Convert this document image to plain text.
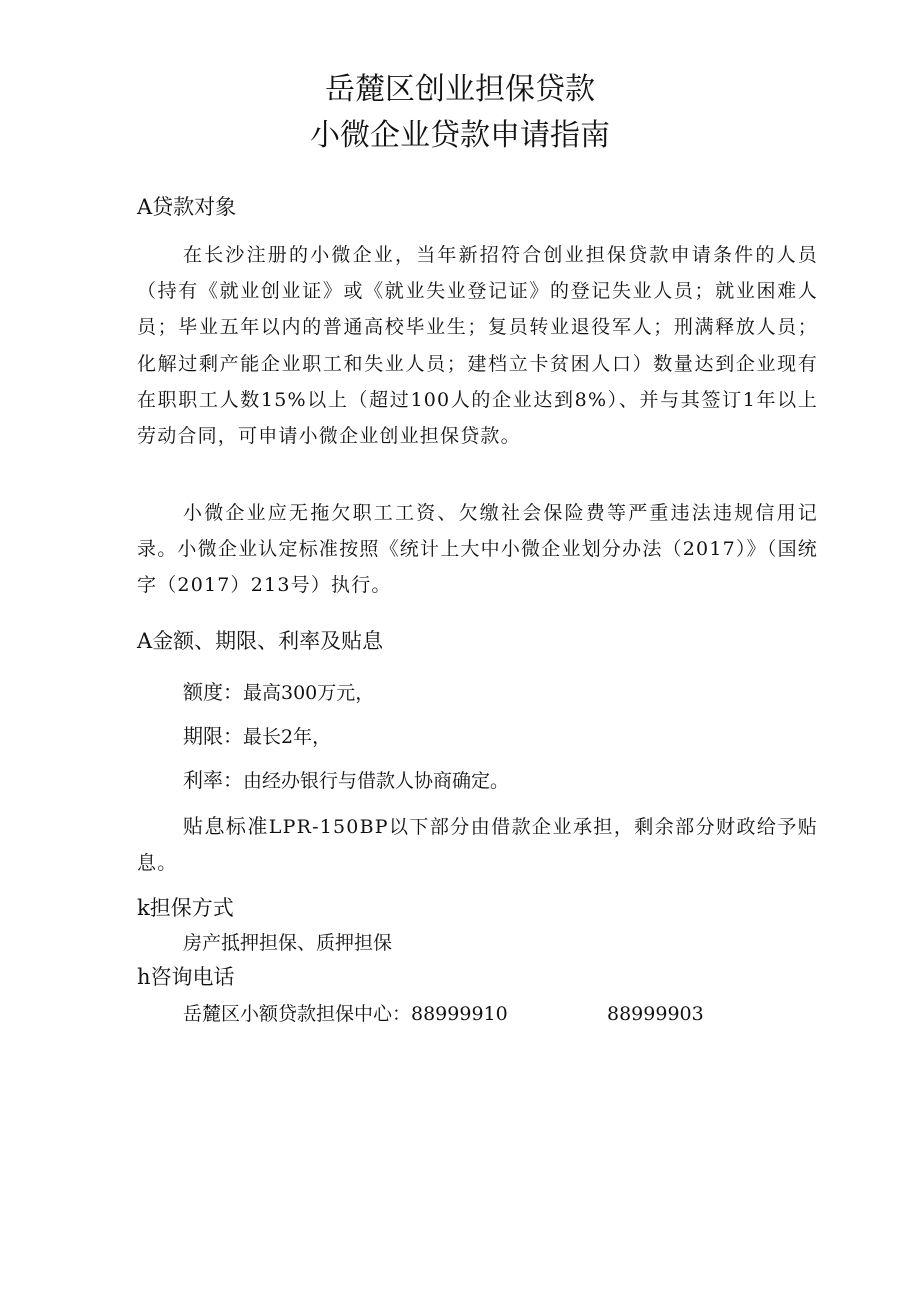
岳麓区创业担保贷款
小微企业贷款申请指南
A贷款对象
在长沙注册的小微企业，当年新招符合创业担保贷款申请条件的人员（持有《就业创业证》或《就业失业登记证》的登记失业人员；就业困难人员；毕业五年以内的普通高校毕业生；复员转业退役军人；刑满释放人员；化解过剩产能企业职工和失业人员；建档立卡贫困人口）数量达到企业现有在职职工人数15%以上（超过100人的企业达到8%）、并与其签订1年以上劳动合同，可申请小微企业创业担保贷款。
小微企业应无拖欠职工工资、欠缴社会保险费等严重违法违规信用记录。小微企业认定标准按照《统计上大中小微企业划分办法（2017）》（国统字（2017）213号）执行。
A金额、期限、利率及贴息
额度：最高300万元，
期限：最长2年，
利率：由经办银行与借款人协商确定。
贴息标准LPR-150BP以下部分由借款企业承担，剩余部分财政给予贴息。
k担保方式
房产抵押担保、质押担保
h咨询电话
岳麓区小额贷款担保中心：88999910	88999903
